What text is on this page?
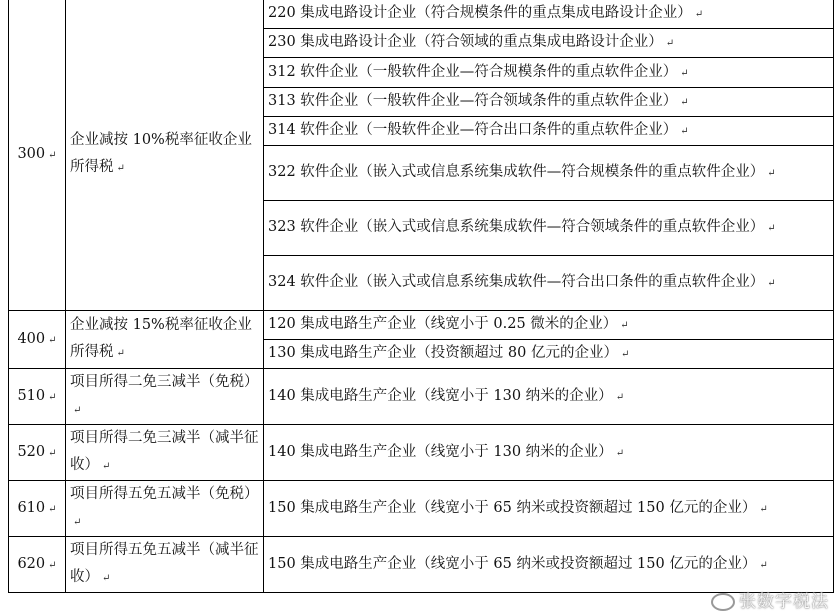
300 ↵	企业减按 10%税率征收企业所得税 ↵	220 集成电路设计企业（符合规模条件的重点集成电路设计企业） ↵
		230 集成电路设计企业（符合领域的重点集成电路设计企业） ↵
		312 软件企业（一般软件企业—符合规模条件的重点软件企业） ↵
		313 软件企业（一般软件企业—符合领域条件的重点软件企业） ↵
		314 软件企业（一般软件企业—符合出口条件的重点软件企业） ↵
		322 软件企业（嵌入式或信息系统集成软件—符合规模条件的重点软件企业） ↵
		323 软件企业（嵌入式或信息系统集成软件—符合领域条件的重点软件企业） ↵
		324 软件企业（嵌入式或信息系统集成软件—符合出口条件的重点软件企业） ↵
400 ↵	企业减按 15%税率征收企业所得税 ↵	120 集成电路生产企业（线宽小于 0.25 微米的企业） ↵
		130 集成电路生产企业（投资额超过 80 亿元的企业） ↵
510 ↵	项目所得二免三减半（免税）↵	140 集成电路生产企业（线宽小于 130 纳米的企业） ↵
520 ↵	项目所得二免三减半（减半征收） ↵	140 集成电路生产企业（线宽小于 130 纳米的企业） ↵
610 ↵	项目所得五免五减半（免税）↵	150 集成电路生产企业（线宽小于 65 纳米或投资额超过 150 亿元的企业） ↵
620 ↵	项目所得五免五减半（减半征收） ↵	150 集成电路生产企业（线宽小于 65 纳米或投资额超过 150 亿元的企业） ↵
张数字税法
